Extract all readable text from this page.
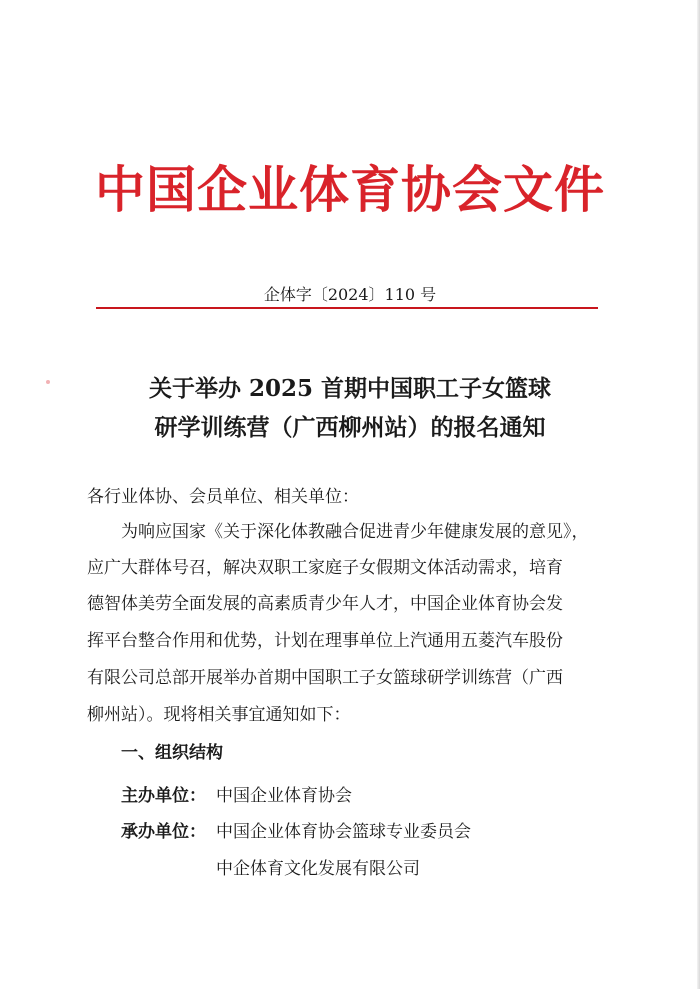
中国企业体育协会文件
企体字〔2024〕110 号
关于举办 2025 首期中国职工子女篮球
研学训练营（广西柳州站）的报名通知
各行业体协、会员单位、相关单位：
为响应国家《关于深化体教融合促进青少年健康发展的意见》，
应广大群体号召，解决双职工家庭子女假期文体活动需求，培育
德智体美劳全面发展的高素质青少年人才，中国企业体育协会发
挥平台整合作用和优势，计划在理事单位上汽通用五菱汽车股份
有限公司总部开展举办首期中国职工子女篮球研学训练营（广西
柳州站）。现将相关事宜通知如下：
一、组织结构
主办单位： 中国企业体育协会
承办单位： 中国企业体育协会篮球专业委员会
中企体育文化发展有限公司
